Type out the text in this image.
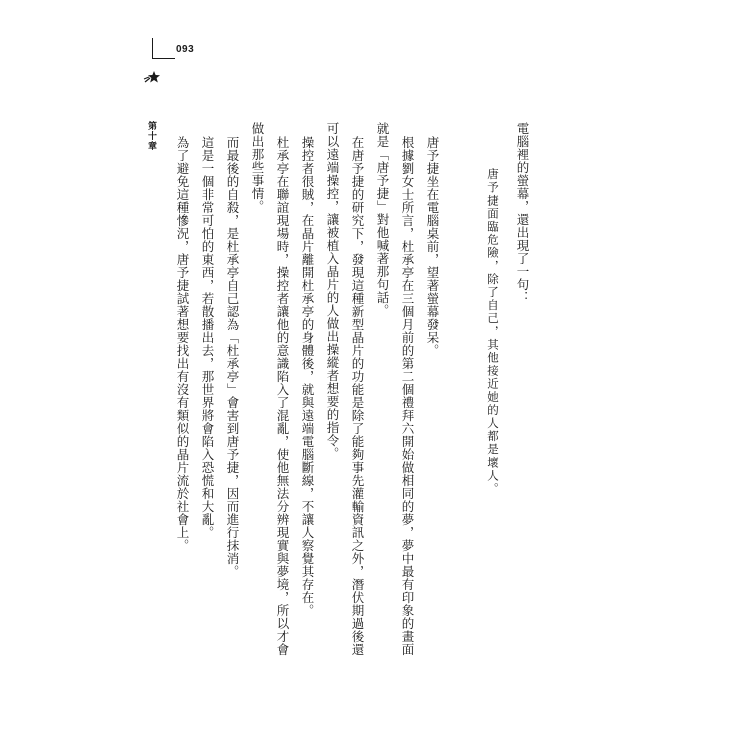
093
第十章	電腦裡的螢幕，還出現了一句：
唐予捷面臨危險，除了自己，其他接近她的人都是壞人。
唐予捷坐在電腦桌前，望著螢幕發呆。
根據劉女士所言，杜承亭在三個月前的第二個禮拜六開始做相同的夢，夢中最有印象的畫面
就是「唐予捷」對他喊著那句話。
在唐予捷的研究下，發現這種新型晶片的功能是除了能夠事先灌輸資訊之外，潛伏期過後還
可以遠端操控，讓被植入晶片的人做出操縱者想要的指令。
操控者很賊，在晶片離開杜承亭的身體後，就與遠端電腦斷線，不讓人察覺其存在。
杜承亭在聯誼現場時，操控者讓他的意識陷入了混亂，使他無法分辨現實與夢境，所以才會
做出那些事情。
而最後的自殺，是杜承亭自己認為「杜承亭」會害到唐予捷，因而進行抹消。
這是一個非常可怕的東西，若散播出去，那世界將會陷入恐慌和大亂。
為了避免這種慘況，唐予捷試著想要找出有沒有類似的晶片流於社會上。
